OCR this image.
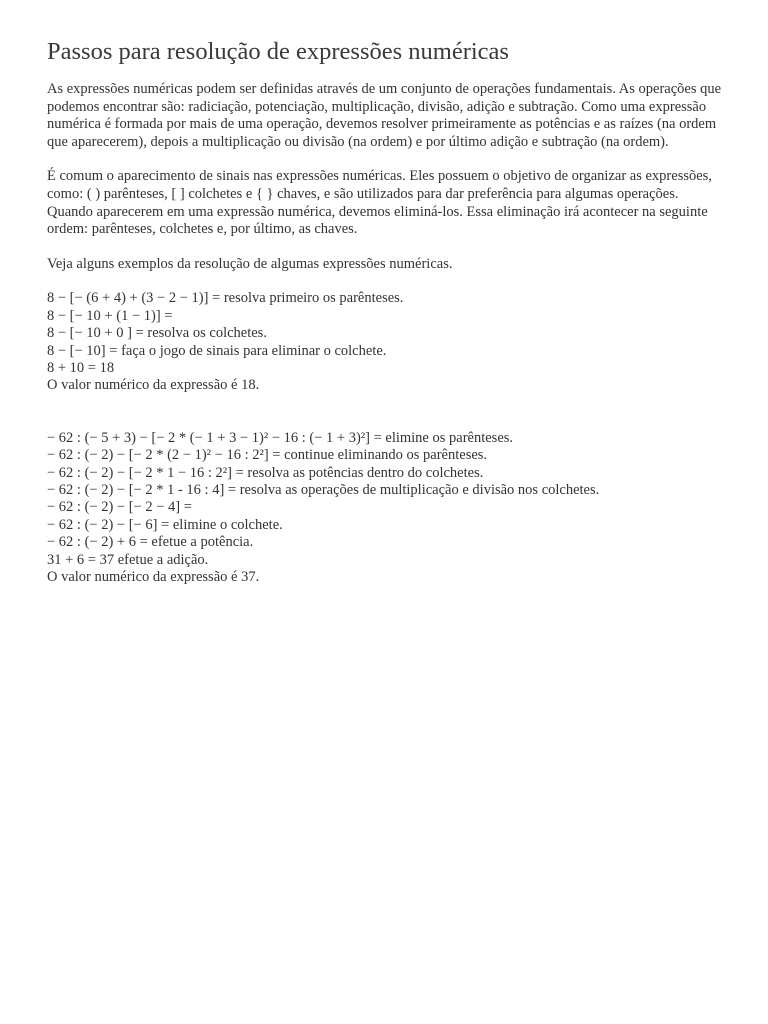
Passos para resolução de expressões numéricas

As expressões numéricas podem ser definidas através de um conjunto de operações fundamentais. As operações que podemos encontrar são: radiciação, potenciação, multiplicação, divisão, adição e subtração. Como uma expressão numérica é formada por mais de uma operação, devemos resolver primeiramente as potências e as raízes (na ordem que aparecerem), depois a multiplicação ou divisão (na ordem) e por último adição e subtração (na ordem).

É comum o aparecimento de sinais nas expressões numéricas. Eles possuem o objetivo de organizar as expressões, como: ( ) parênteses, [ ] colchetes e { } chaves, e são utilizados para dar preferência para algumas operações. Quando aparecerem em uma expressão numérica, devemos eliminá-los. Essa eliminação irá acontecer na seguinte ordem: parênteses, colchetes e, por último, as chaves.

Veja alguns exemplos da resolução de algumas expressões numéricas.

8 − [− (6 + 4) + (3 − 2 − 1)] = resolva primeiro os parênteses.
8 − [− 10 + (1 − 1)] =
8 − [− 10 + 0 ] = resolva os colchetes.
8 − [− 10] = faça o jogo de sinais para eliminar o colchete.
8 + 10 = 18
O valor numérico da expressão é 18.
− 62 : (− 5 + 3) − [− 2 * (− 1 + 3 − 1)² − 16 : (− 1 + 3)²] = elimine os parênteses.
− 62 : (− 2) − [− 2 * (2 − 1)² − 16 : 2²] = continue eliminando os parênteses.
− 62 : (− 2) − [− 2 * 1 − 16 : 2²] = resolva as potências dentro do colchetes.
− 62 : (− 2) − [− 2 * 1 - 16 : 4] = resolva as operações de multiplicação e divisão nos colchetes.
− 62 : (− 2) − [− 2 − 4] =
− 62 : (− 2) − [− 6] = elimine o colchete.
− 62 : (− 2) + 6 = efetue a potência.
31 + 6 = 37 efetue a adição.
O valor numérico da expressão é 37.
